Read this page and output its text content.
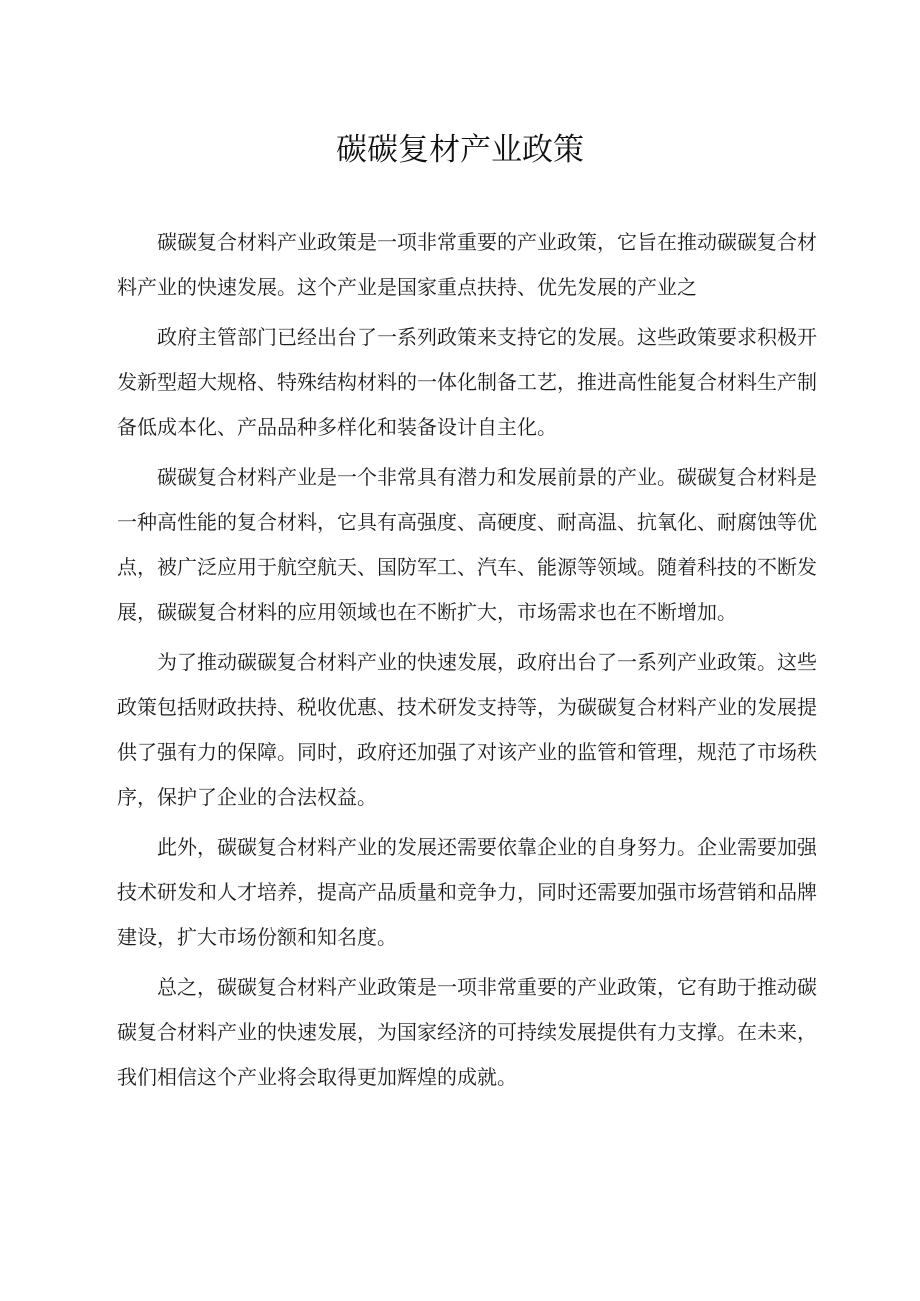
碳碳复材产业政策

碳碳复合材料产业政策是一项非常重要的产业政策，它旨在推动碳碳复合材料产业的快速发展。这个产业是国家重点扶持、优先发展的产业之

政府主管部门已经出台了一系列政策来支持它的发展。这些政策要求积极开发新型超大规格、特殊结构材料的一体化制备工艺，推进高性能复合材料生产制备低成本化、产品品种多样化和装备设计自主化。

碳碳复合材料产业是一个非常具有潜力和发展前景的产业。碳碳复合材料是一种高性能的复合材料，它具有高强度、高硬度、耐高温、抗氧化、耐腐蚀等优点，被广泛应用于航空航天、国防军工、汽车、能源等领域。随着科技的不断发展，碳碳复合材料的应用领域也在不断扩大，市场需求也在不断增加。

为了推动碳碳复合材料产业的快速发展，政府出台了一系列产业政策。这些政策包括财政扶持、税收优惠、技术研发支持等，为碳碳复合材料产业的发展提供了强有力的保障。同时，政府还加强了对该产业的监管和管理，规范了市场秩序，保护了企业的合法权益。

此外，碳碳复合材料产业的发展还需要依靠企业的自身努力。企业需要加强技术研发和人才培养，提高产品质量和竞争力，同时还需要加强市场营销和品牌建设，扩大市场份额和知名度。

总之，碳碳复合材料产业政策是一项非常重要的产业政策，它有助于推动碳碳复合材料产业的快速发展，为国家经济的可持续发展提供有力支撑。在未来，我们相信这个产业将会取得更加辉煌的成就。
